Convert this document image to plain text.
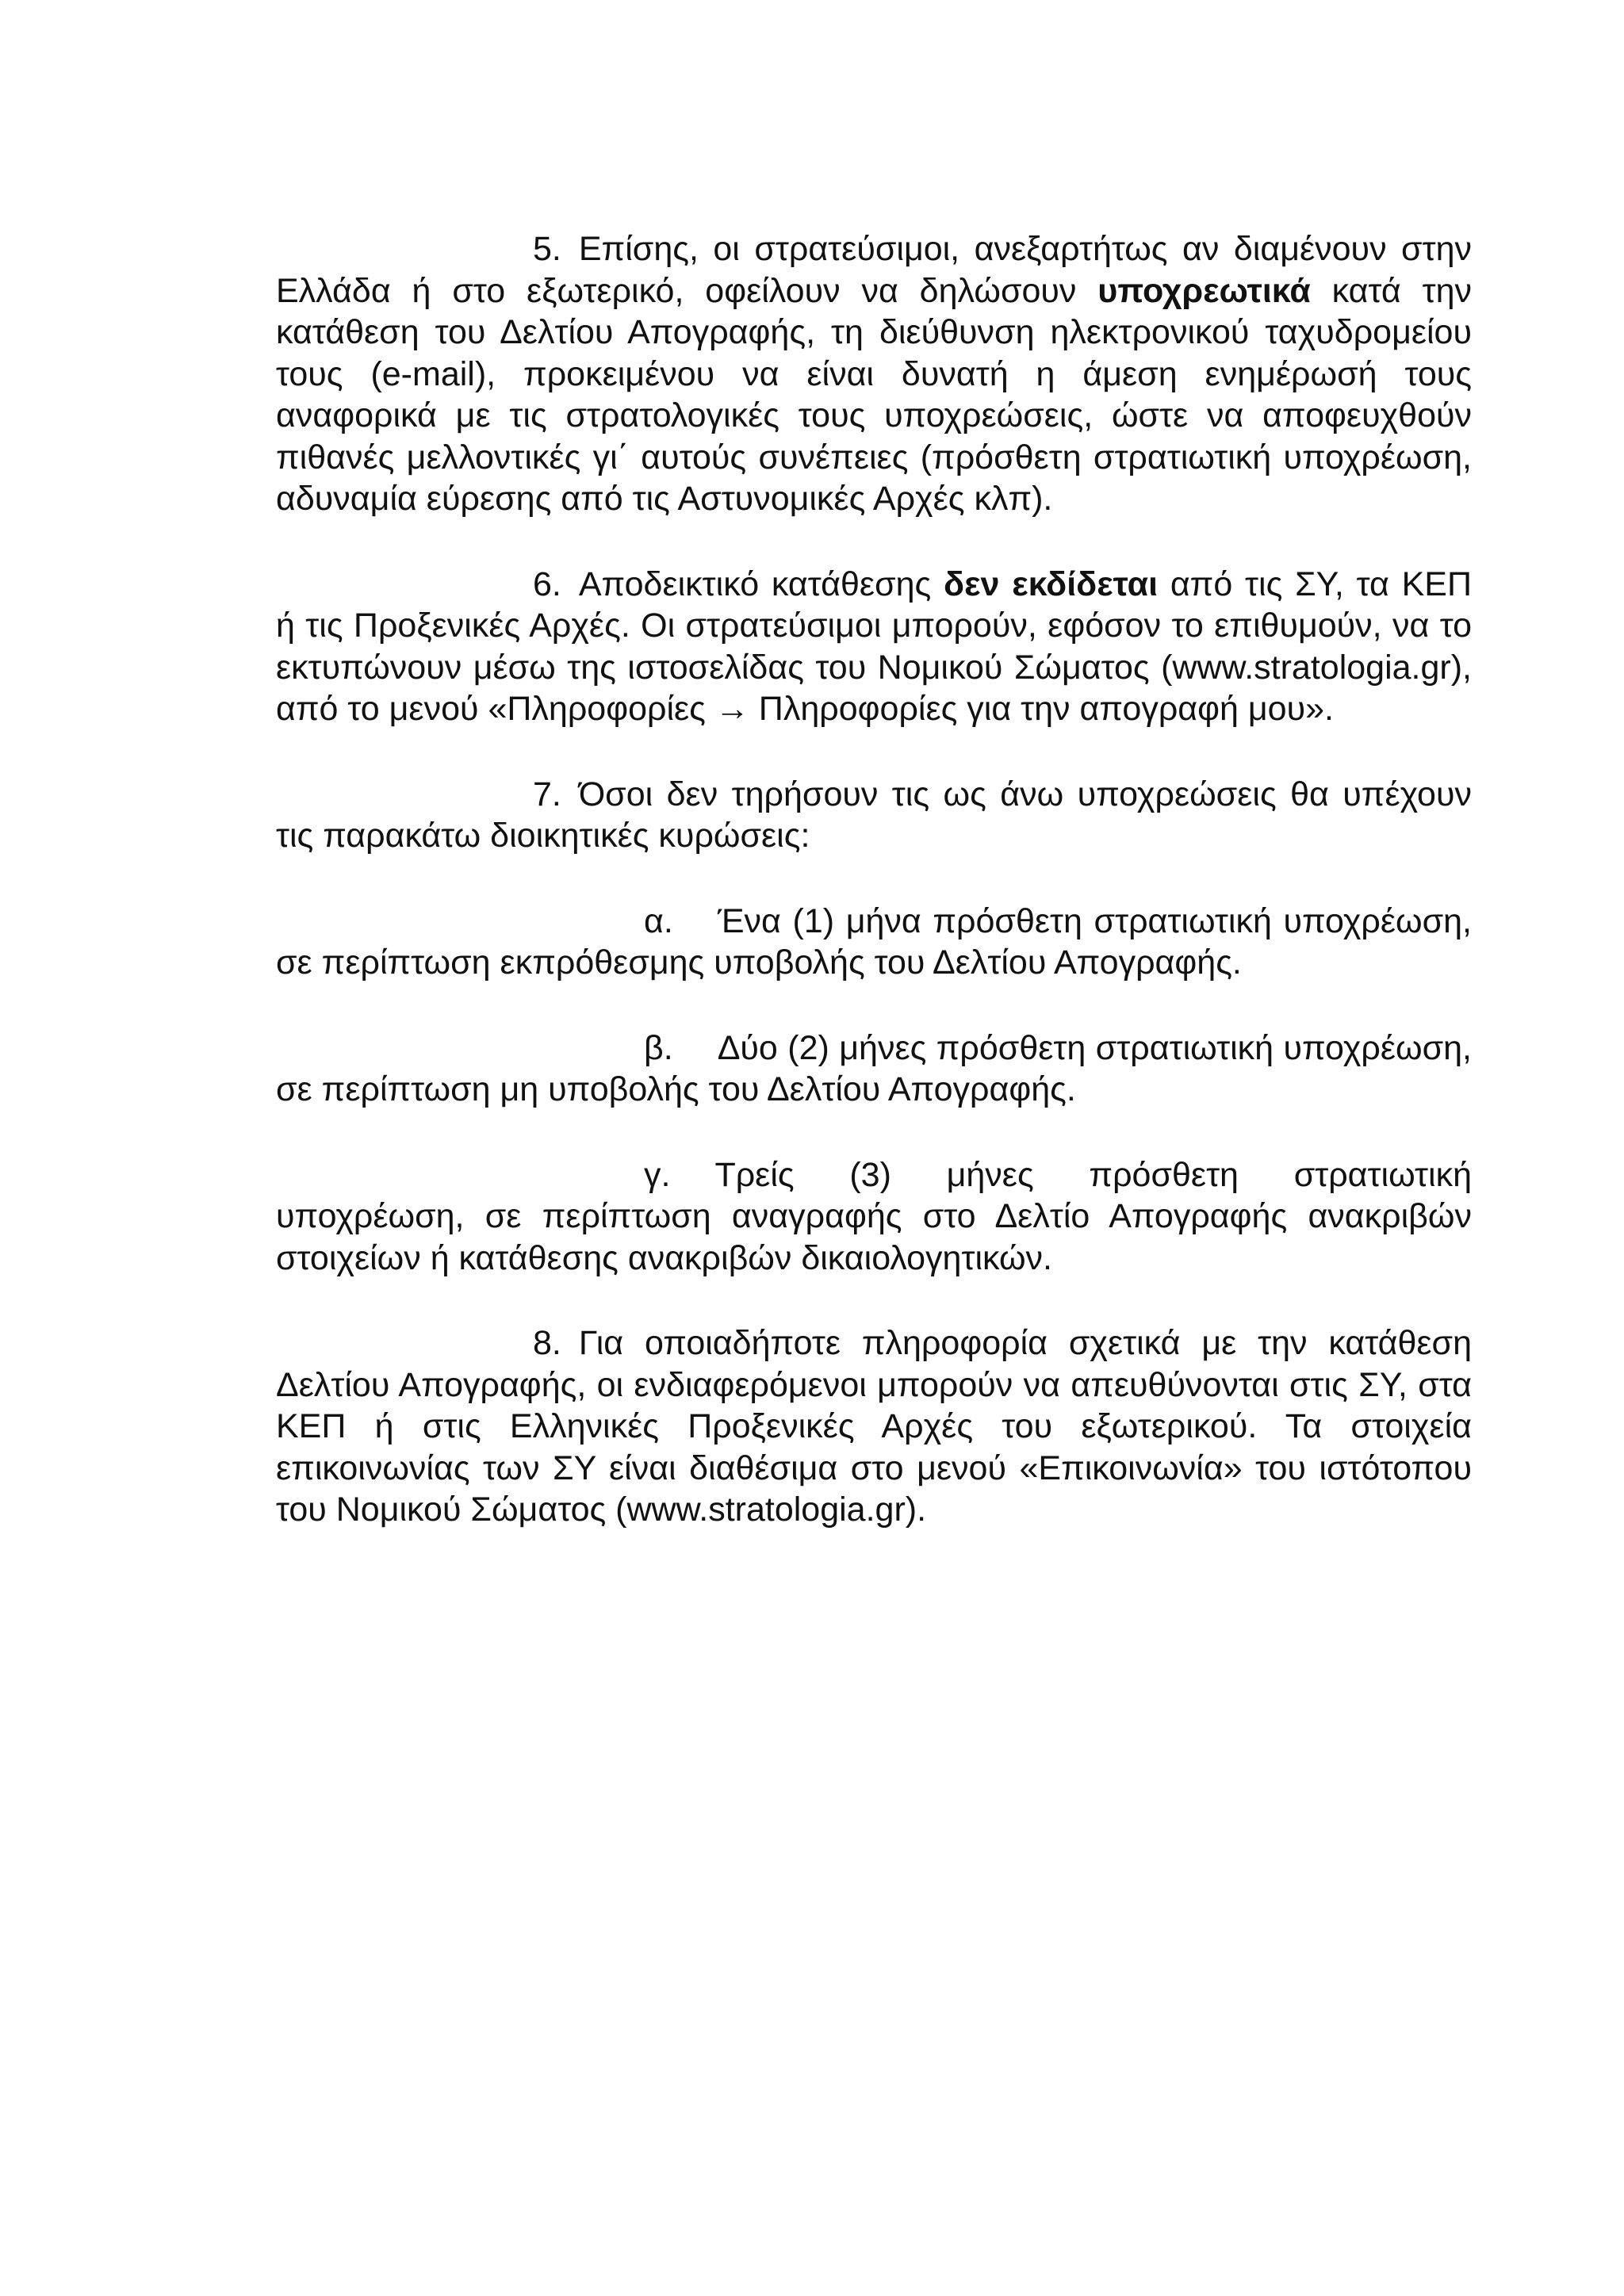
5. Επίσης, οι στρατεύσιμοι, ανεξαρτήτως αν διαμένουν στην Ελλάδα ή στο εξωτερικό, οφείλουν να δηλώσουν υποχρεωτικά κατά την κατάθεση του Δελτίου Απογραφής, τη διεύθυνση ηλεκτρονικού ταχυδρομείου τους (e-mail), προκειμένου να είναι δυνατή η άμεση ενημέρωσή τους αναφορικά με τις στρατολογικές τους υποχρεώσεις, ώστε να αποφευχθούν πιθανές μελλοντικές γι΄ αυτούς συνέπειες (πρόσθετη στρατιωτική υποχρέωση, αδυναμία εύρεσης από τις Αστυνομικές Αρχές κλπ).

6. Αποδεικτικό κατάθεσης δεν εκδίδεται από τις ΣΥ, τα ΚΕΠ ή τις Προξενικές Αρχές. Οι στρατεύσιμοι μπορούν, εφόσον το επιθυμούν, να το εκτυπώνουν μέσω της ιστοσελίδας του Νομικού Σώματος (www.stratologia.gr), από το μενού «Πληροφορίες → Πληροφορίες για την απογραφή μου».

7. Όσοι δεν τηρήσουν τις ως άνω υποχρεώσεις θα υπέχουν τις παρακάτω διοικητικές κυρώσεις:

α. Ένα (1) μήνα πρόσθετη στρατιωτική υποχρέωση, σε περίπτωση εκπρόθεσμης υποβολής του Δελτίου Απογραφής.

β. Δύο (2) μήνες πρόσθετη στρατιωτική υποχρέωση, σε περίπτωση μη υποβολής του Δελτίου Απογραφής.

γ. Τρείς (3) μήνες πρόσθετη στρατιωτική υποχρέωση, σε περίπτωση αναγραφής στο Δελτίο Απογραφής ανακριβών στοιχείων ή κατάθεσης ανακριβών δικαιολογητικών.

8. Για οποιαδήποτε πληροφορία σχετικά με την κατάθεση Δελτίου Απογραφής, οι ενδιαφερόμενοι μπορούν να απευθύνονται στις ΣΥ, στα ΚΕΠ ή στις Ελληνικές Προξενικές Αρχές του εξωτερικού. Τα στοιχεία επικοινωνίας των ΣΥ είναι διαθέσιμα στο μενού «Επικοινωνία» του ιστότοπου του Νομικού Σώματος (www.stratologia.gr).
